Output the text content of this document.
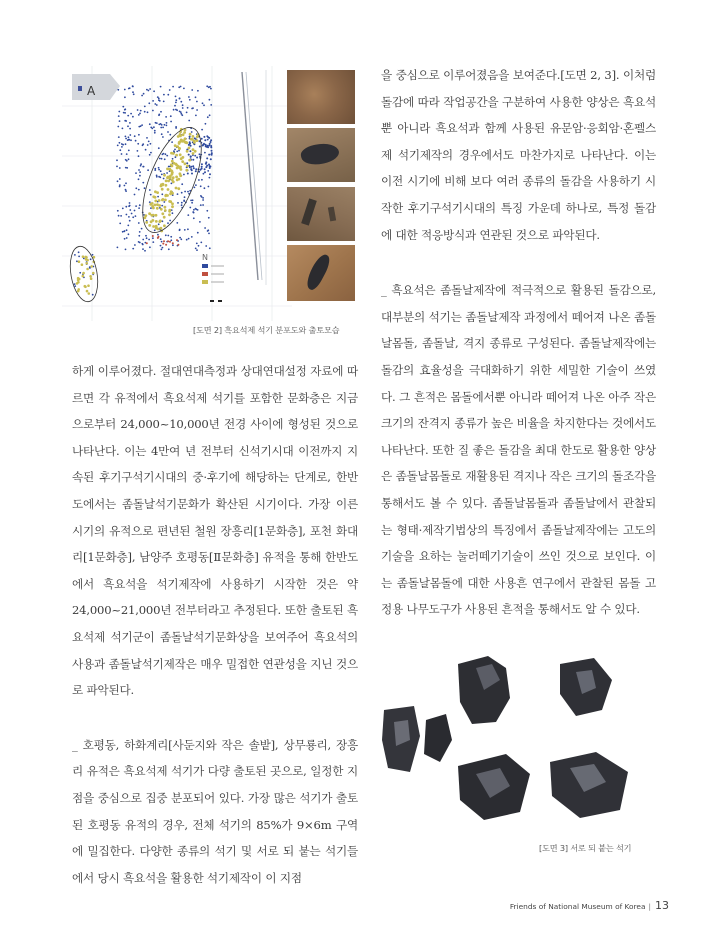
A
N
[도면 2] 흑요석제 석기 분포도와 출토모습

하게 이루어졌다. 절대연대측정과 상대연대설정 자료에 따르면 각 유적에서 흑요석제 석기를 포함한 문화층은 지금으로부터 24,000~10,000년 전경 사이에 형성된 것으로 나타난다. 이는 4만여 년 전부터 신석기시대 이전까지 지속된 후기구석기시대의 중·후기에 해당하는 단계로, 한반도에서는 좀돌날석기문화가 확산된 시기이다. 가장 이른 시기의 유적으로 편년된 철원 장흥리[1문화층], 포천 화대리[1문화층], 남양주 호평동[Ⅱ문화층] 유적을 통해 한반도에서 흑요석을 석기제작에 사용하기 시작한 것은 약 24,000~21,000년 전부터라고 추정된다. 또한 출토된 흑요석제 석기군이 좀돌날석기문화상을 보여주어 흑요석의 사용과 좀돌날석기제작은 매우 밀접한 연관성을 지닌 것으로 파악된다.

_ 호평동, 하화계리[사둔지와 작은 솔밭], 상무룡리, 장흥리 유적은 흑요석제 석기가 다량 출토된 곳으로, 일정한 지점을 중심으로 집중 분포되어 있다. 가장 많은 석기가 출토된 호평동 유적의 경우, 전체 석기의 85%가 9×6m 구역에 밀집한다. 다양한 종류의 석기 및 서로 되 붙는 석기들에서 당시 흑요석을 활용한 석기제작이 이 지점

을 중심으로 이루어졌음을 보여준다.[도면 2, 3]. 이처럼 돌감에 따라 작업공간을 구분하여 사용한 양상은 흑요석뿐 아니라 흑요석과 함께 사용된 유문암·응회암·혼펠스제 석기제작의 경우에서도 마찬가지로 나타난다. 이는 이전 시기에 비해 보다 여러 종류의 돌감을 사용하기 시작한 후기구석기시대의 특징 가운데 하나로, 특정 돌감에 대한 적응방식과 연관된 것으로 파악된다.

_ 흑요석은 좀돌날제작에 적극적으로 활용된 돌감으로, 대부분의 석기는 좀돌날제작 과정에서 떼어져 나온 좀돌날몸돌, 좀돌날, 격지 종류로 구성된다. 좀돌날제작에는 돌감의 효율성을 극대화하기 위한 세밀한 기술이 쓰였다. 그 흔적은 몸돌에서뿐 아니라 떼어져 나온 아주 작은 크기의 잔격지 종류가 높은 비율을 차지한다는 것에서도 나타난다. 또한 질 좋은 돌감을 최대 한도로 활용한 양상은 좀돌날몸돌로 재활용된 격지나 작은 크기의 돌조각을 통해서도 볼 수 있다. 좀돌날몸돌과 좀돌날에서 관찰되는 형태·제작기법상의 특징에서 좀돌날제작에는 고도의 기술을 요하는 눌러떼기기술이 쓰인 것으로 보인다. 이는 좀돌날몸돌에 대한 사용흔 연구에서 관찰된 몸돌 고정용 나무도구가 사용된 흔적을 통해서도 알 수 있다.

[도면 3] 서로 되 붙는 석기
Friends of National Museum of Korea | 13
